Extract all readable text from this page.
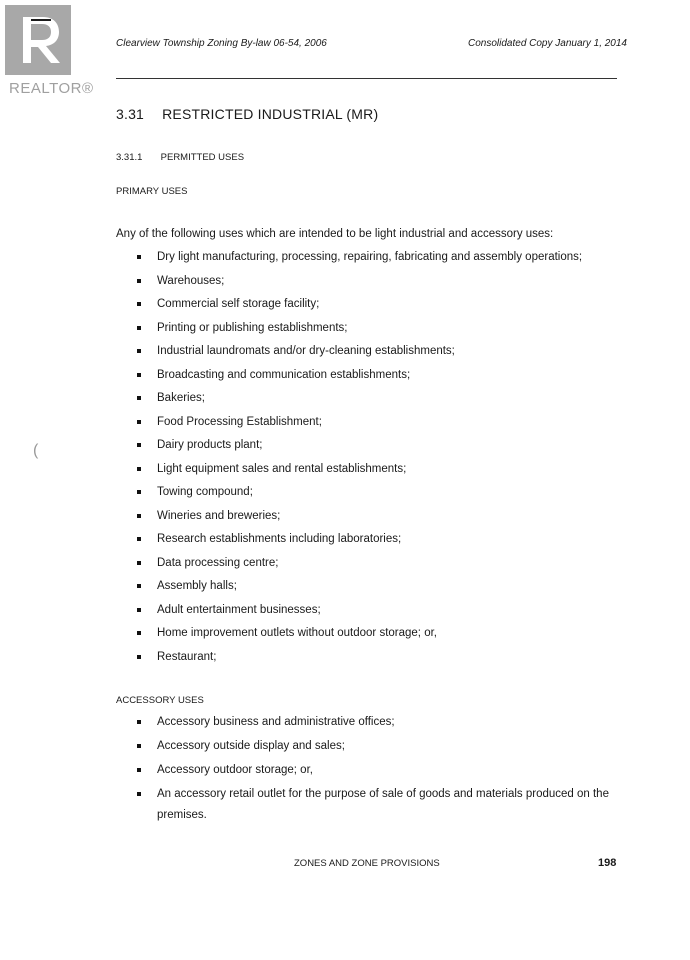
REALTOR®
Clearview Township Zoning By-law 06-54, 2006	Consolidated Copy January 1, 2014
3.31 RESTRICTED INDUSTRIAL (MR)
3.31.1 PERMITTED USES
PRIMARY USES
Any of the following uses which are intended to be light industrial and accessory uses:
Dry light manufacturing, processing, repairing, fabricating and assembly operations;
Warehouses;
Commercial self storage facility;
Printing or publishing establishments;
Industrial laundromats and/or dry-cleaning establishments;
Broadcasting and communication establishments;
Bakeries;
Food Processing Establishment;
Dairy products plant;
Light equipment sales and rental establishments;
Towing compound;
Wineries and breweries;
Research establishments including laboratories;
Data processing centre;
Assembly halls;
Adult entertainment businesses;
Home improvement outlets without outdoor storage; or,
Restaurant;
ACCESSORY USES
Accessory business and administrative offices;
Accessory outside display and sales;
Accessory outdoor storage; or,
An accessory retail outlet for the purpose of sale of goods and materials produced on the premises.
ZONES AND ZONE PROVISIONS	198
(
